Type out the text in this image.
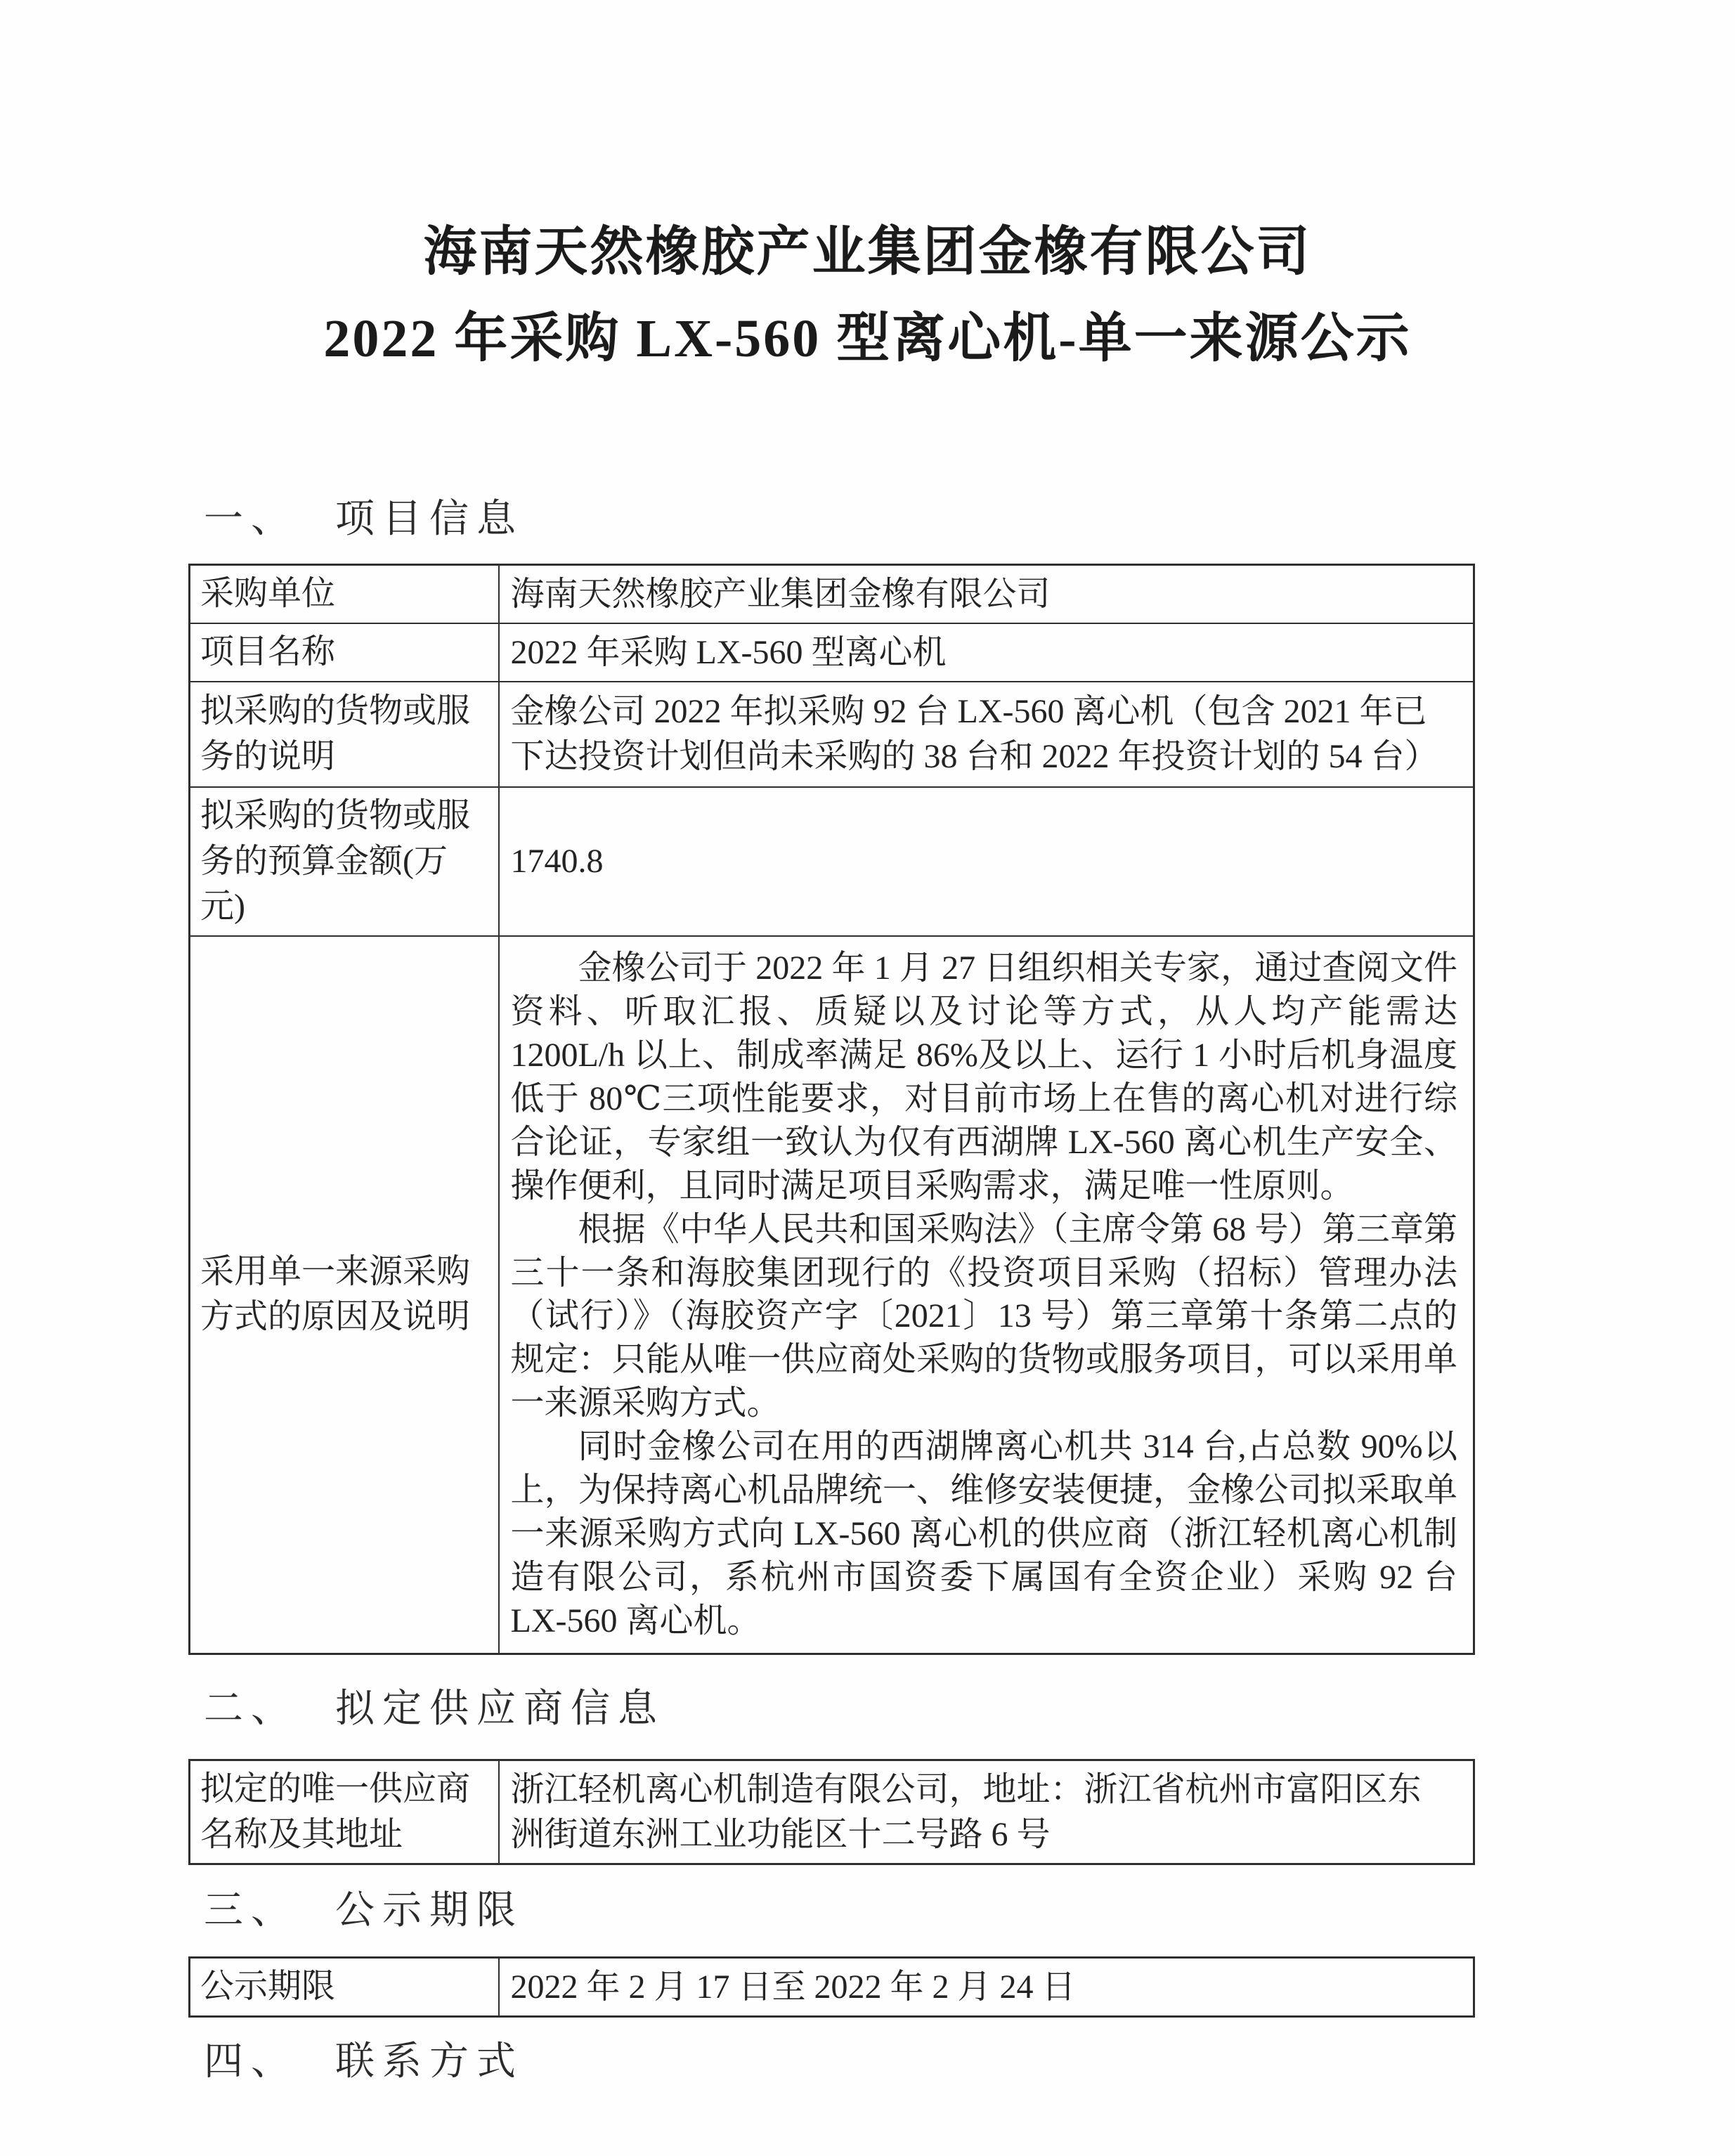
海南天然橡胶产业集团金橡有限公司
2022 年采购 LX-560 型离心机-单一来源公示
一、 项目信息
采购单位	海南天然橡胶产业集团金橡有限公司
项目名称	2022 年采购 LX-560 型离心机
拟采购的货物或服务的说明	金橡公司 2022 年拟采购 92 台 LX-560 离心机（包含 2021 年已下达投资计划但尚未采购的 38 台和 2022 年投资计划的 54 台）
拟采购的货物或服务的预算金额(万元)	1740.8
采用单一来源采购方式的原因及说明	金橡公司于 2022 年 1 月 27 日组织相关专家，通过查阅文件资料、听取汇报、质疑以及讨论等方式，从人均产能需达 1200L/h 以上、制成率满足 86%及以上、运行 1 小时后机身温度低于 80℃三项性能要求，对目前市场上在售的离心机对进行综合论证，专家组一致认为仅有西湖牌 LX-560 离心机生产安全、操作便利，且同时满足项目采购需求，满足唯一性原则。

根据《中华人民共和国采购法》（主席令第 68 号）第三章第三十一条和海胶集团现行的《投资项目采购（招标）管理办法（试行）》（海胶资产字〔2021〕13 号）第三章第十条第二点的规定：只能从唯一供应商处采购的货物或服务项目，可以采用单一来源采购方式。

同时金橡公司在用的西湖牌离心机共 314 台,占总数 90%以上，为保持离心机品牌统一、维修安装便捷，金橡公司拟采取单一来源采购方式向 LX-560 离心机的供应商（浙江轻机离心机制造有限公司，系杭州市国资委下属国有全资企业）采购 92 台 LX-560 离心机。

二、 拟定供应商信息
拟定的唯一供应商名称及其地址	浙江轻机离心机制造有限公司，地址：浙江省杭州市富阳区东洲街道东洲工业功能区十二号路 6 号
三、 公示期限
公示期限	2022 年 2 月 17 日至 2022 年 2 月 24 日
四、 联系方式
